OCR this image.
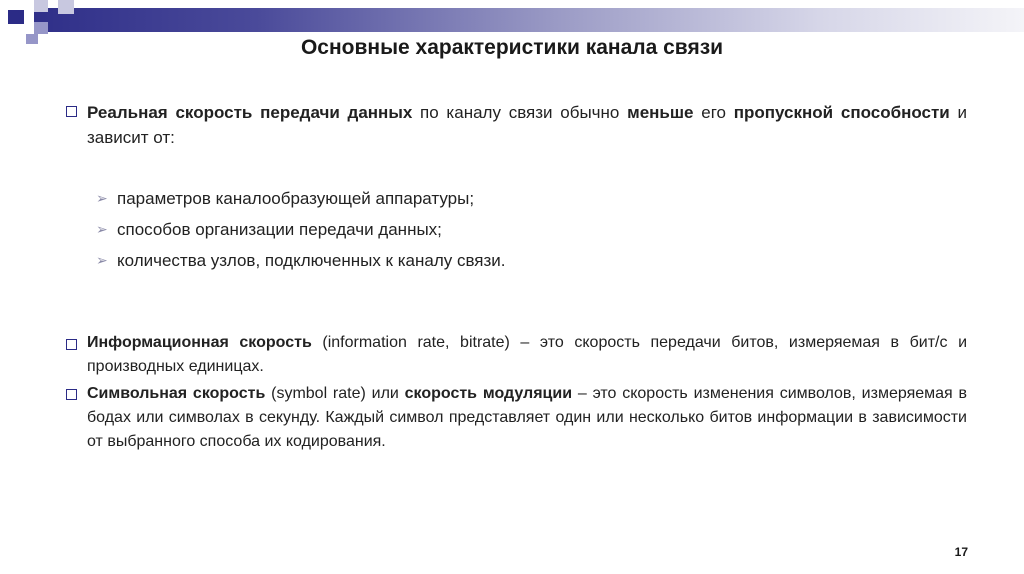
Основные характеристики канала связи
Реальная скорость передачи данных по каналу связи обычно меньше его пропускной способности и зависит от:
➢ параметров каналообразующей аппаратуры;
➢ способов организации передачи данных;
➢ количества узлов, подключенных к каналу связи.
Информационная скорость (information rate, bitrate) – это скорость передачи битов, измеряемая в бит/с и производных единицах.
Символьная скорость (symbol rate) или скорость модуляции – это скорость изменения символов, измеряемая в бодах или символах в секунду. Каждый символ представляет один или несколько битов информации в зависимости от выбранного способа их кодирования.
17
